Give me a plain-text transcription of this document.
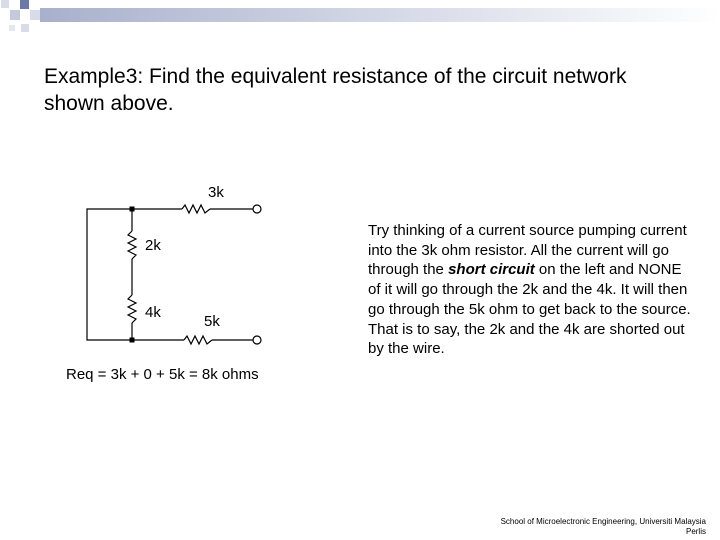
Example3: Find the equivalent resistance of the circuit network shown above.
3k
2k
4k
5k
Req = 3k + 0 + 5k = 8k ohms
Try thinking of a current source pumping current into the 3k ohm resistor. All the current will go through the short circuit on the left and NONE of it will go through the 2k and the 4k. It will then go through the 5k ohm to get back to the source. That is to say, the 2k and the 4k are shorted out by the wire.
School of Microelectronic Engineering, Universiti Malaysia
Perlis
